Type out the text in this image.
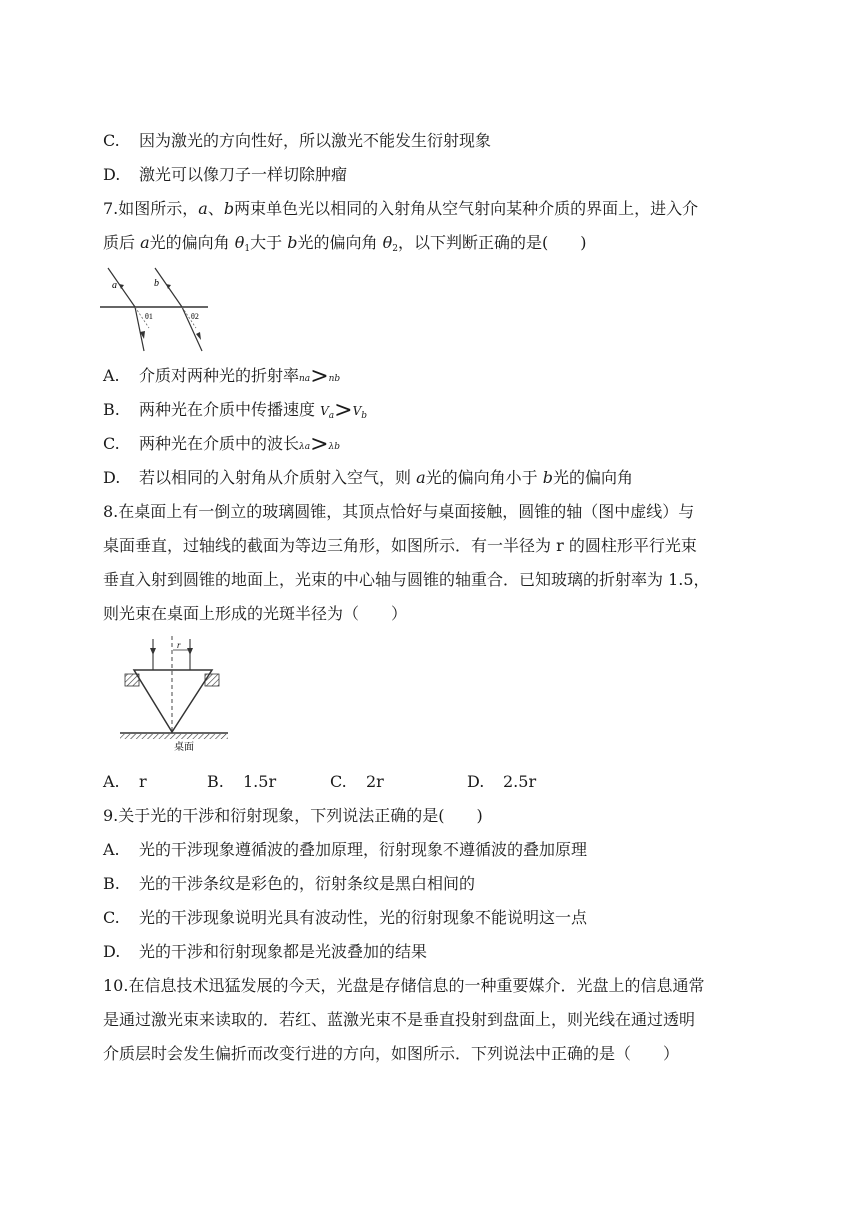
C. 因为激光的方向性好，所以激光不能发生衍射现象
D. 激光可以像刀子一样切除肿瘤
7.如图所示，a、b两束单色光以相同的入射角从空气射向某种介质的界面上，进入介
质后 a光的偏向角 $\theta_1$大于 b光的偏向角 $\theta_2$，以下判断正确的是(　　)
a	b
θ1	θ2
A. 介质对两种光的折射率na>nb
B. 两种光在介质中传播速度 $V_a>V_b$
C. 两种光在介质中的波长λa>λb
D. 若以相同的入射角从介质射入空气，则 a光的偏向角小于 b光的偏向角
8.在桌面上有一倒立的玻璃圆锥，其顶点恰好与桌面接触，圆锥的轴（图中虚线）与
桌面垂直，过轴线的截面为等边三角形，如图所示．有一半径为 r 的圆柱形平行光束
垂直入射到圆锥的地面上，光束的中心轴与圆锥的轴重合．已知玻璃的折射率为 1.5，
则光束在桌面上形成的光斑半径为（　　）
r
桌面
A. r	B. 1.5r	C. 2r	D. 2.5r
9.关于光的干涉和衍射现象，下列说法正确的是(　　)
A. 光的干涉现象遵循波的叠加原理，衍射现象不遵循波的叠加原理
B. 光的干涉条纹是彩色的，衍射条纹是黑白相间的
C. 光的干涉现象说明光具有波动性，光的衍射现象不能说明这一点
D. 光的干涉和衍射现象都是光波叠加的结果
10.在信息技术迅猛发展的今天，光盘是存储信息的一种重要媒介．光盘上的信息通常
是通过激光束来读取的．若红、蓝激光束不是垂直投射到盘面上，则光线在通过透明
介质层时会发生偏折而改变行进的方向，如图所示．下列说法中正确的是（　　）
